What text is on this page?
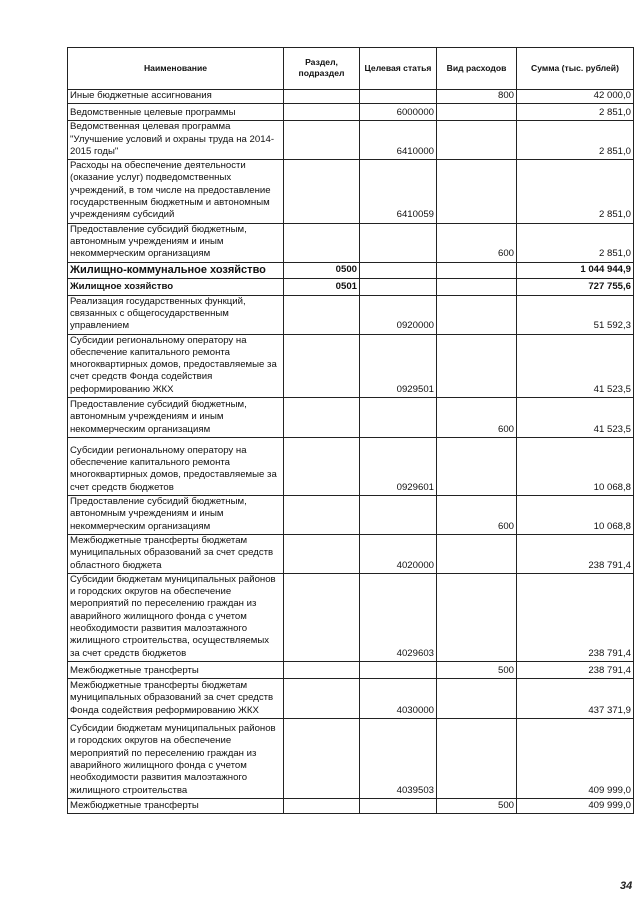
Наименование	Раздел, подраздел	Целевая статья	Вид расходов	Сумма (тыс. рублей)
Иные бюджетные ассигнования			800	42 000,0
Ведомственные целевые программы		6000000		2 851,0
Ведомственная целевая программа "Улучшение условий и охраны труда на 2014-2015 годы"		6410000		2 851,0
Расходы на обеспечение деятельности (оказание услуг) подведомственных учреждений, в том числе на предоставление государственным бюджетным и автономным учреждениям субсидий		6410059		2 851,0
Предоставление субсидий бюджетным, автономным учреждениям и иным некоммерческим организациям			600	2 851,0
Жилищно-коммунальное хозяйство	0500			1 044 944,9
Жилищное хозяйство	0501			727 755,6
Реализация государственных функций, связанных с общегосударственным управлением		0920000		51 592,3
Субсидии региональному оператору на обеспечение капитального ремонта многоквартирных домов, предоставляемые за счет средств Фонда содействия реформированию ЖКХ		0929501		41 523,5
Предоставление субсидий бюджетным, автономным учреждениям и иным некоммерческим организациям			600	41 523,5
Субсидии региональному оператору на обеспечение капитального ремонта многоквартирных домов, предоставляемые за счет средств бюджетов		0929601		10 068,8
Предоставление субсидий бюджетным, автономным учреждениям и иным некоммерческим организациям			600	10 068,8
Межбюджетные трансферты бюджетам муниципальных образований за счет средств областного бюджета		4020000		238 791,4
Субсидии бюджетам муниципальных районов и городских округов на обеспечение мероприятий по переселению граждан из аварийного жилищного фонда с учетом необходимости развития малоэтажного жилищного строительства, осуществляемых за счет средств бюджетов		4029603		238 791,4
Межбюджетные трансферты			500	238 791,4
Межбюджетные трансферты бюджетам муниципальных образований за счет средств Фонда содействия реформированию ЖКХ		4030000		437 371,9
Субсидии бюджетам муниципальных районов и городских округов на обеспечение мероприятий по переселению граждан из аварийного жилищного фонда с учетом необходимости развития малоэтажного жилищного строительства		4039503		409 999,0
Межбюджетные трансферты			500	409 999,0
34
